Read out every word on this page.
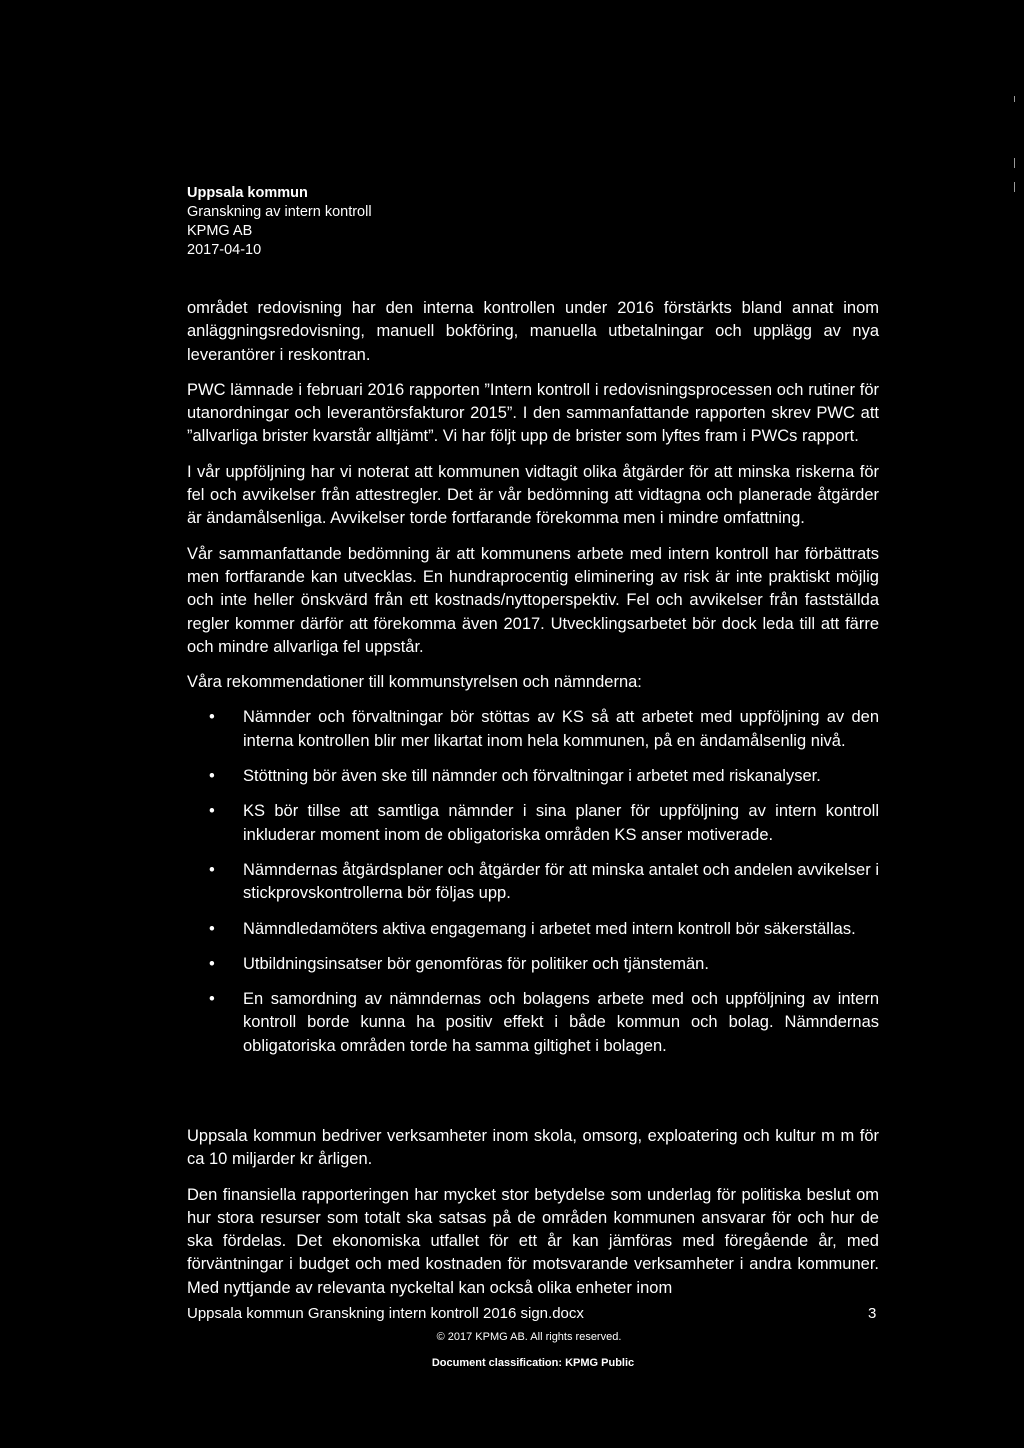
Uppsala kommun
Granskning av intern kontroll
KPMG AB
2017-04-10

området redovisning har den interna kontrollen under 2016 förstärkts bland annat inom anläggningsredovisning, manuell bokföring, manuella utbetalningar och upplägg av nya leverantörer i reskontran.

PWC lämnade i februari 2016 rapporten ”Intern kontroll i redovisningsprocessen och rutiner för utanordningar och leverantörsfakturor 2015”. I den sammanfattande rapporten skrev PWC att ”allvarliga brister kvarstår alltjämt”. Vi har följt upp de brister som lyftes fram i PWCs rapport.

I vår uppföljning har vi noterat att kommunen vidtagit olika åtgärder för att minska riskerna för fel och avvikelser från attestregler. Det är vår bedömning att vidtagna och planerade åtgärder är ändamålsenliga. Avvikelser torde fortfarande förekomma men i mindre omfattning.

Vår sammanfattande bedömning är att kommunens arbete med intern kontroll har förbättrats men fortfarande kan utvecklas. En hundraprocentig eliminering av risk är inte praktiskt möjlig och inte heller önskvärd från ett kostnads/nyttoperspektiv. Fel och avvikelser från fastställda regler kommer därför att förekomma även 2017. Utvecklingsarbetet bör dock leda till att färre och mindre allvarliga fel uppstår.

Våra rekommendationer till kommunstyrelsen och nämnderna:

• Nämnder och förvaltningar bör stöttas av KS så att arbetet med uppföljning av den interna kontrollen blir mer likartat inom hela kommunen, på en ändamålsenlig nivå.
• Stöttning bör även ske till nämnder och förvaltningar i arbetet med riskanalyser.
• KS bör tillse att samtliga nämnder i sina planer för uppföljning av intern kontroll inkluderar moment inom de obligatoriska områden KS anser motiverade.
• Nämndernas åtgärdsplaner och åtgärder för att minska antalet och andelen avvikelser i stickprovskontrollerna bör följas upp.
• Nämndledamöters aktiva engagemang i arbetet med intern kontroll bör säkerställas.
• Utbildningsinsatser bör genomföras för politiker och tjänstemän.
• En samordning av nämndernas och bolagens arbete med och uppföljning av intern kontroll borde kunna ha positiv effekt i både kommun och bolag. Nämndernas obligatoriska områden torde ha samma giltighet i bolagen.

Uppsala kommun bedriver verksamheter inom skola, omsorg, exploatering och kultur m m för ca 10 miljarder kr årligen.

Den finansiella rapporteringen har mycket stor betydelse som underlag för politiska beslut om hur stora resurser som totalt ska satsas på de områden kommunen ansvarar för och hur de ska fördelas. Det ekonomiska utfallet för ett år kan jämföras med föregående år, med förväntningar i budget och med kostnaden för motsvarande verksamheter i andra kommuner. Med nyttjande av relevanta nyckeltal kan också olika enheter inom

Uppsala kommun Granskning intern kontroll 2016 sign.docx	3
© 2017 KPMG AB. All rights reserved.
Document classification: KPMG Public
